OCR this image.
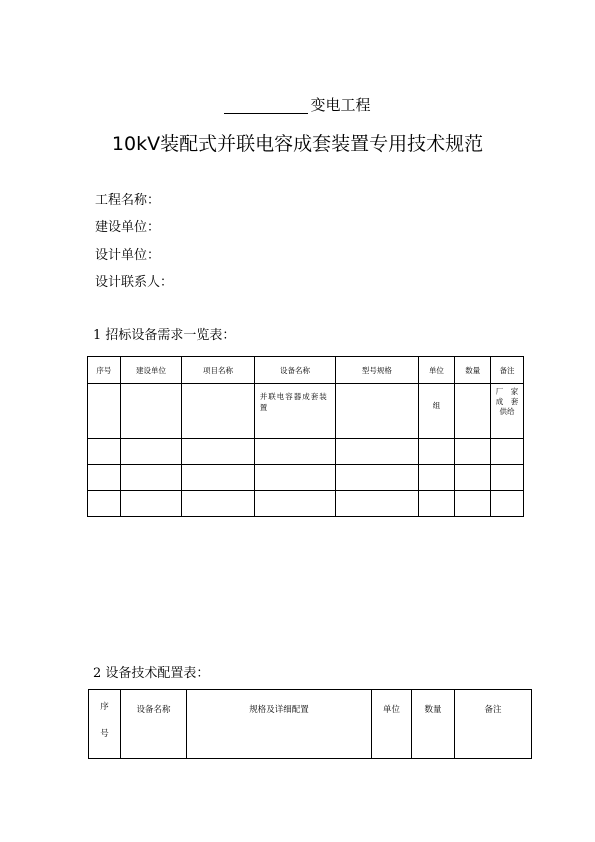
变电工程
10kV装配式并联电容成套装置专用技术规范
工程名称：
建设单位：
设计单位：
设计联系人：
1 招标设备需求一览表：
序号	建设单位	项目名称	设备名称	型号规格	单位	数量	备注
			并联电容器成套装置		组		厂　家
成　套
供给

2 设备技术配置表：
序
号	设备名称	规格及详细配置	单位	数量	备注
